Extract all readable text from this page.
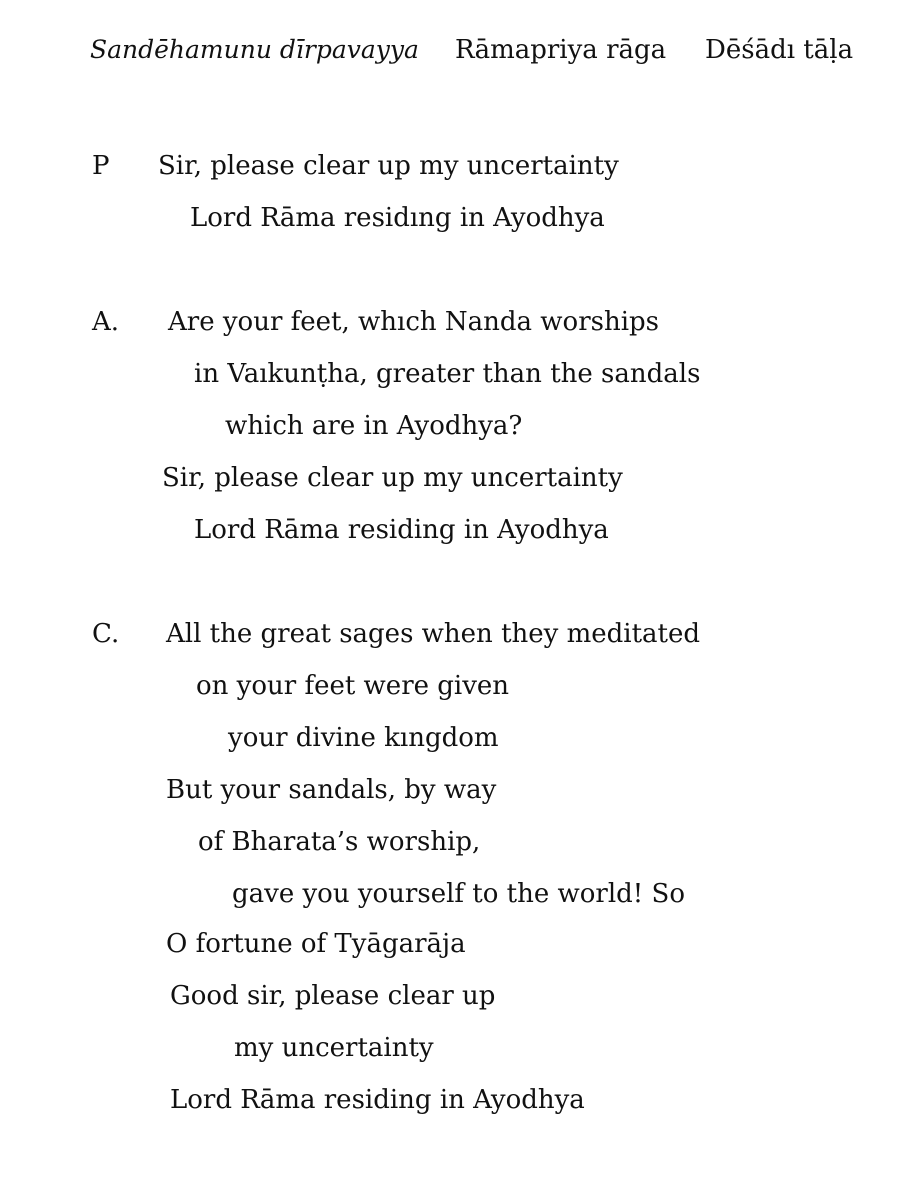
Sandēhamunu dīrpavayya Rāmapriya rāga Dēśādı tāḷa
P Sir, please clear up my uncertainty
Lord Rāma residıng in Ayodhya
A. Are your feet, whıch Nanda worships
in Vaıkunṭha, greater than the sandals
which are in Ayodhya?
Sir, please clear up my uncertainty
Lord Rāma residing in Ayodhya
C. All the great sages when they meditated
on your feet were given
your divine kıngdom
But your sandals, by way
of Bharata’s worship,
gave you yourself to the world! So
O fortune of Tyāgarāja
Good sir, please clear up
my uncertainty
Lord Rāma residing in Ayodhya
